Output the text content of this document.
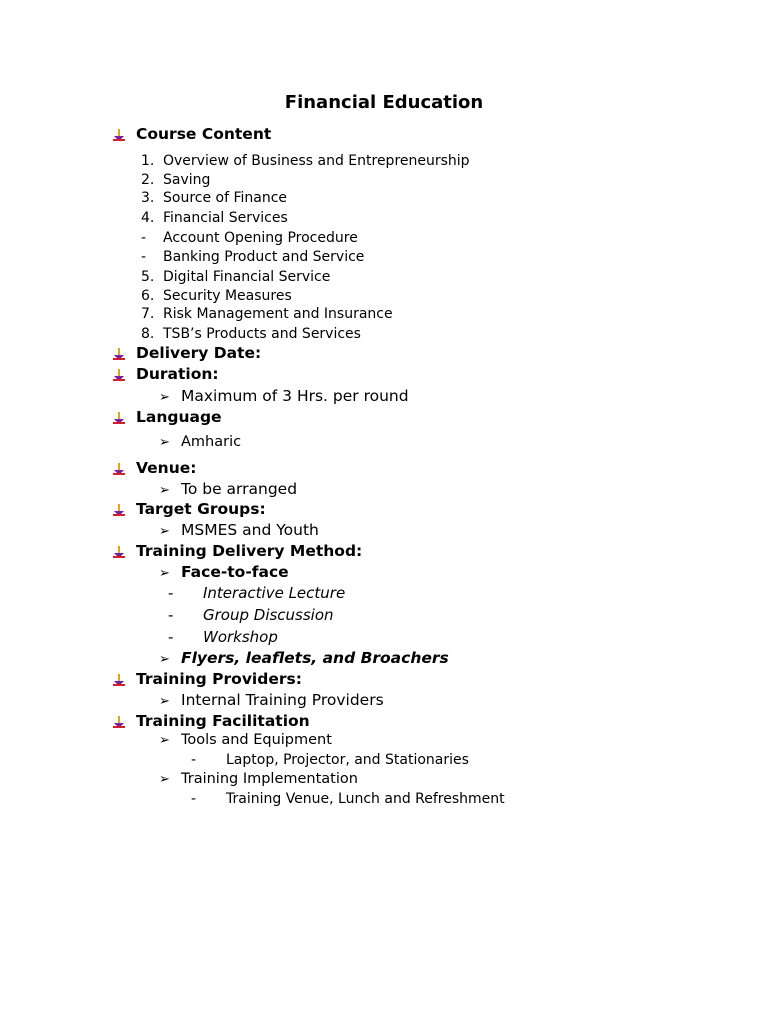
Financial Education
Course Content
1. Overview of Business and Entrepreneurship
2. Saving
3. Source of Finance
4. Financial Services
- Account Opening Procedure
- Banking Product and Service
5. Digital Financial Service
6. Security Measures
7. Risk Management and Insurance
8. TSB’s Products and Services
Delivery Date:
Duration:
➢ Maximum of 3 Hrs. per round
Language
➢ Amharic
Venue:
➢ To be arranged
Target Groups:
➢ MSMES and Youth
Training Delivery Method:
➢ Face-to-face
- Interactive Lecture
- Group Discussion
- Workshop
➢ Flyers, leaflets, and Broachers
Training Providers:
➢ Internal Training Providers
Training Facilitation
➢ Tools and Equipment
- Laptop, Projector, and Stationaries
➢ Training Implementation
- Training Venue, Lunch and Refreshment
